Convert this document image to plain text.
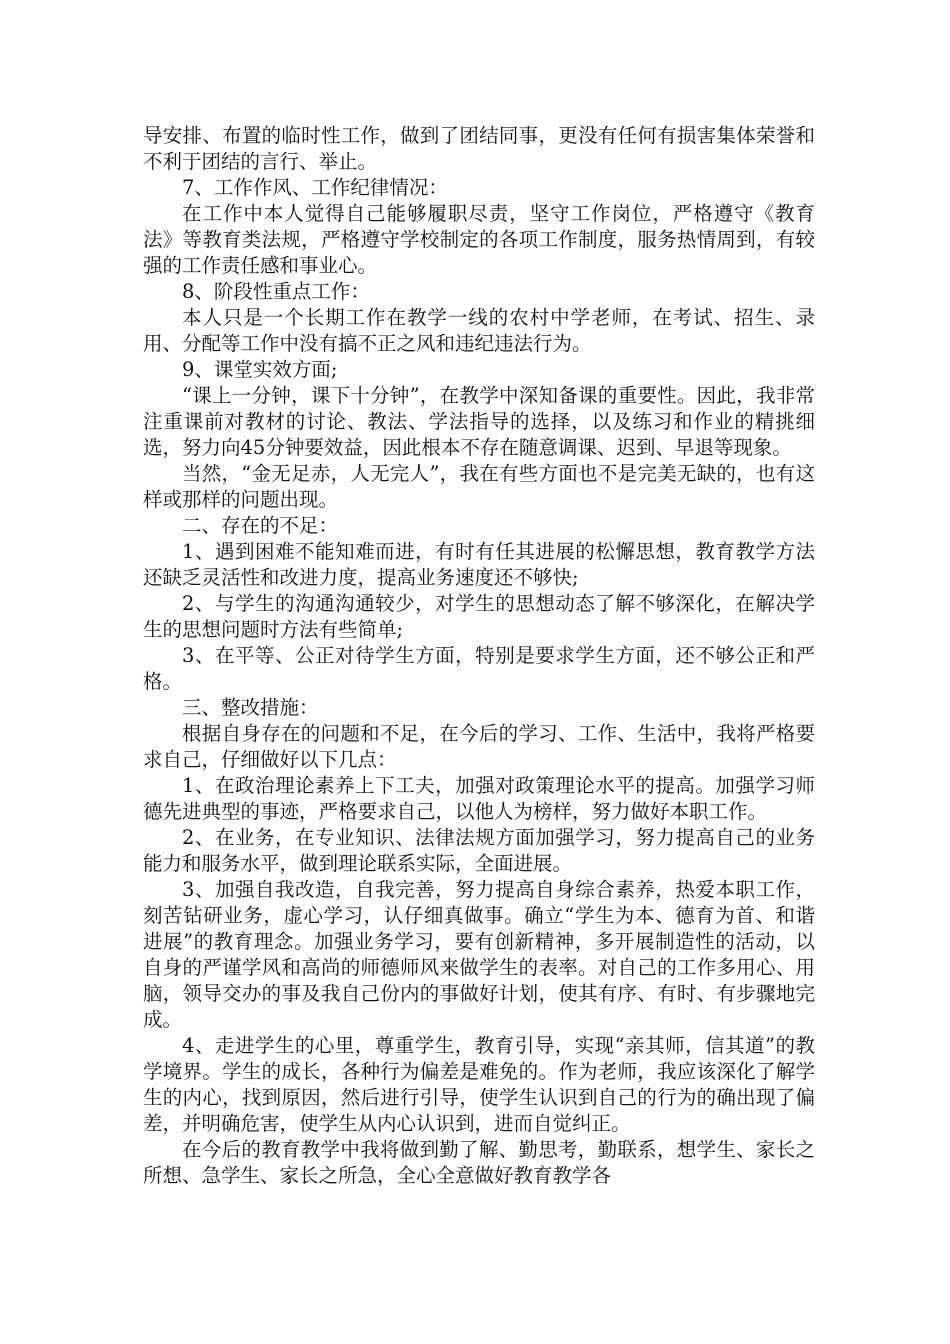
导安排、布置的临时性工作，做到了团结同事，更没有任何有损害集体荣誉和不利于团结的言行、举止。

7、工作作风、工作纪律情况：

在工作中本人觉得自己能够履职尽责，坚守工作岗位，严格遵守《教育法》等教育类法规，严格遵守学校制定的各项工作制度，服务热情周到，有较强的工作责任感和事业心。

8、阶段性重点工作：

本人只是一个长期工作在教学一线的农村中学老师，在考试、招生、录用、分配等工作中没有搞不正之风和违纪违法行为。

9、课堂实效方面;

“课上一分钟，课下十分钟”，在教学中深知备课的重要性。因此，我非常注重课前对教材的讨论、教法、学法指导的选择，以及练习和作业的精挑细选，努力向45分钟要效益，因此根本不存在随意调课、迟到、早退等现象。

当然，“金无足赤，人无完人”，我在有些方面也不是完美无缺的，也有这样或那样的问题出现。

二、存在的不足：

1、遇到困难不能知难而进，有时有任其进展的松懈思想，教育教学方法还缺乏灵活性和改进力度，提高业务速度还不够快;

2、与学生的沟通沟通较少，对学生的思想动态了解不够深化，在解决学生的思想问题时方法有些简单;

3、在平等、公正对待学生方面，特别是要求学生方面，还不够公正和严格。

三、整改措施：

根据自身存在的问题和不足，在今后的学习、工作、生活中，我将严格要求自己，仔细做好以下几点：

1、在政治理论素养上下工夫，加强对政策理论水平的提高。加强学习师德先进典型的事迹，严格要求自己，以他人为榜样，努力做好本职工作。

2、在业务，在专业知识、法律法规方面加强学习，努力提高自己的业务能力和服务水平，做到理论联系实际，全面进展。

3、加强自我改造，自我完善，努力提高自身综合素养，热爱本职工作，刻苦钻研业务，虚心学习，认仔细真做事。确立“学生为本、德育为首、和谐进展”的教育理念。加强业务学习，要有创新精神，多开展制造性的活动，以自身的严谨学风和高尚的师德师风来做学生的表率。对自己的工作多用心、用脑，领导交办的事及我自己份内的事做好计划，使其有序、有时、有步骤地完成。

4、走进学生的心里，尊重学生，教育引导，实现“亲其师，信其道”的教学境界。学生的成长，各种行为偏差是难免的。作为老师，我应该深化了解学生的内心，找到原因，然后进行引导，使学生认识到自己的行为的确出现了偏差，并明确危害，使学生从内心认识到，进而自觉纠正。

在今后的教育教学中我将做到勤了解、勤思考，勤联系，想学生、家长之所想、急学生、家长之所急，全心全意做好教育教学各
